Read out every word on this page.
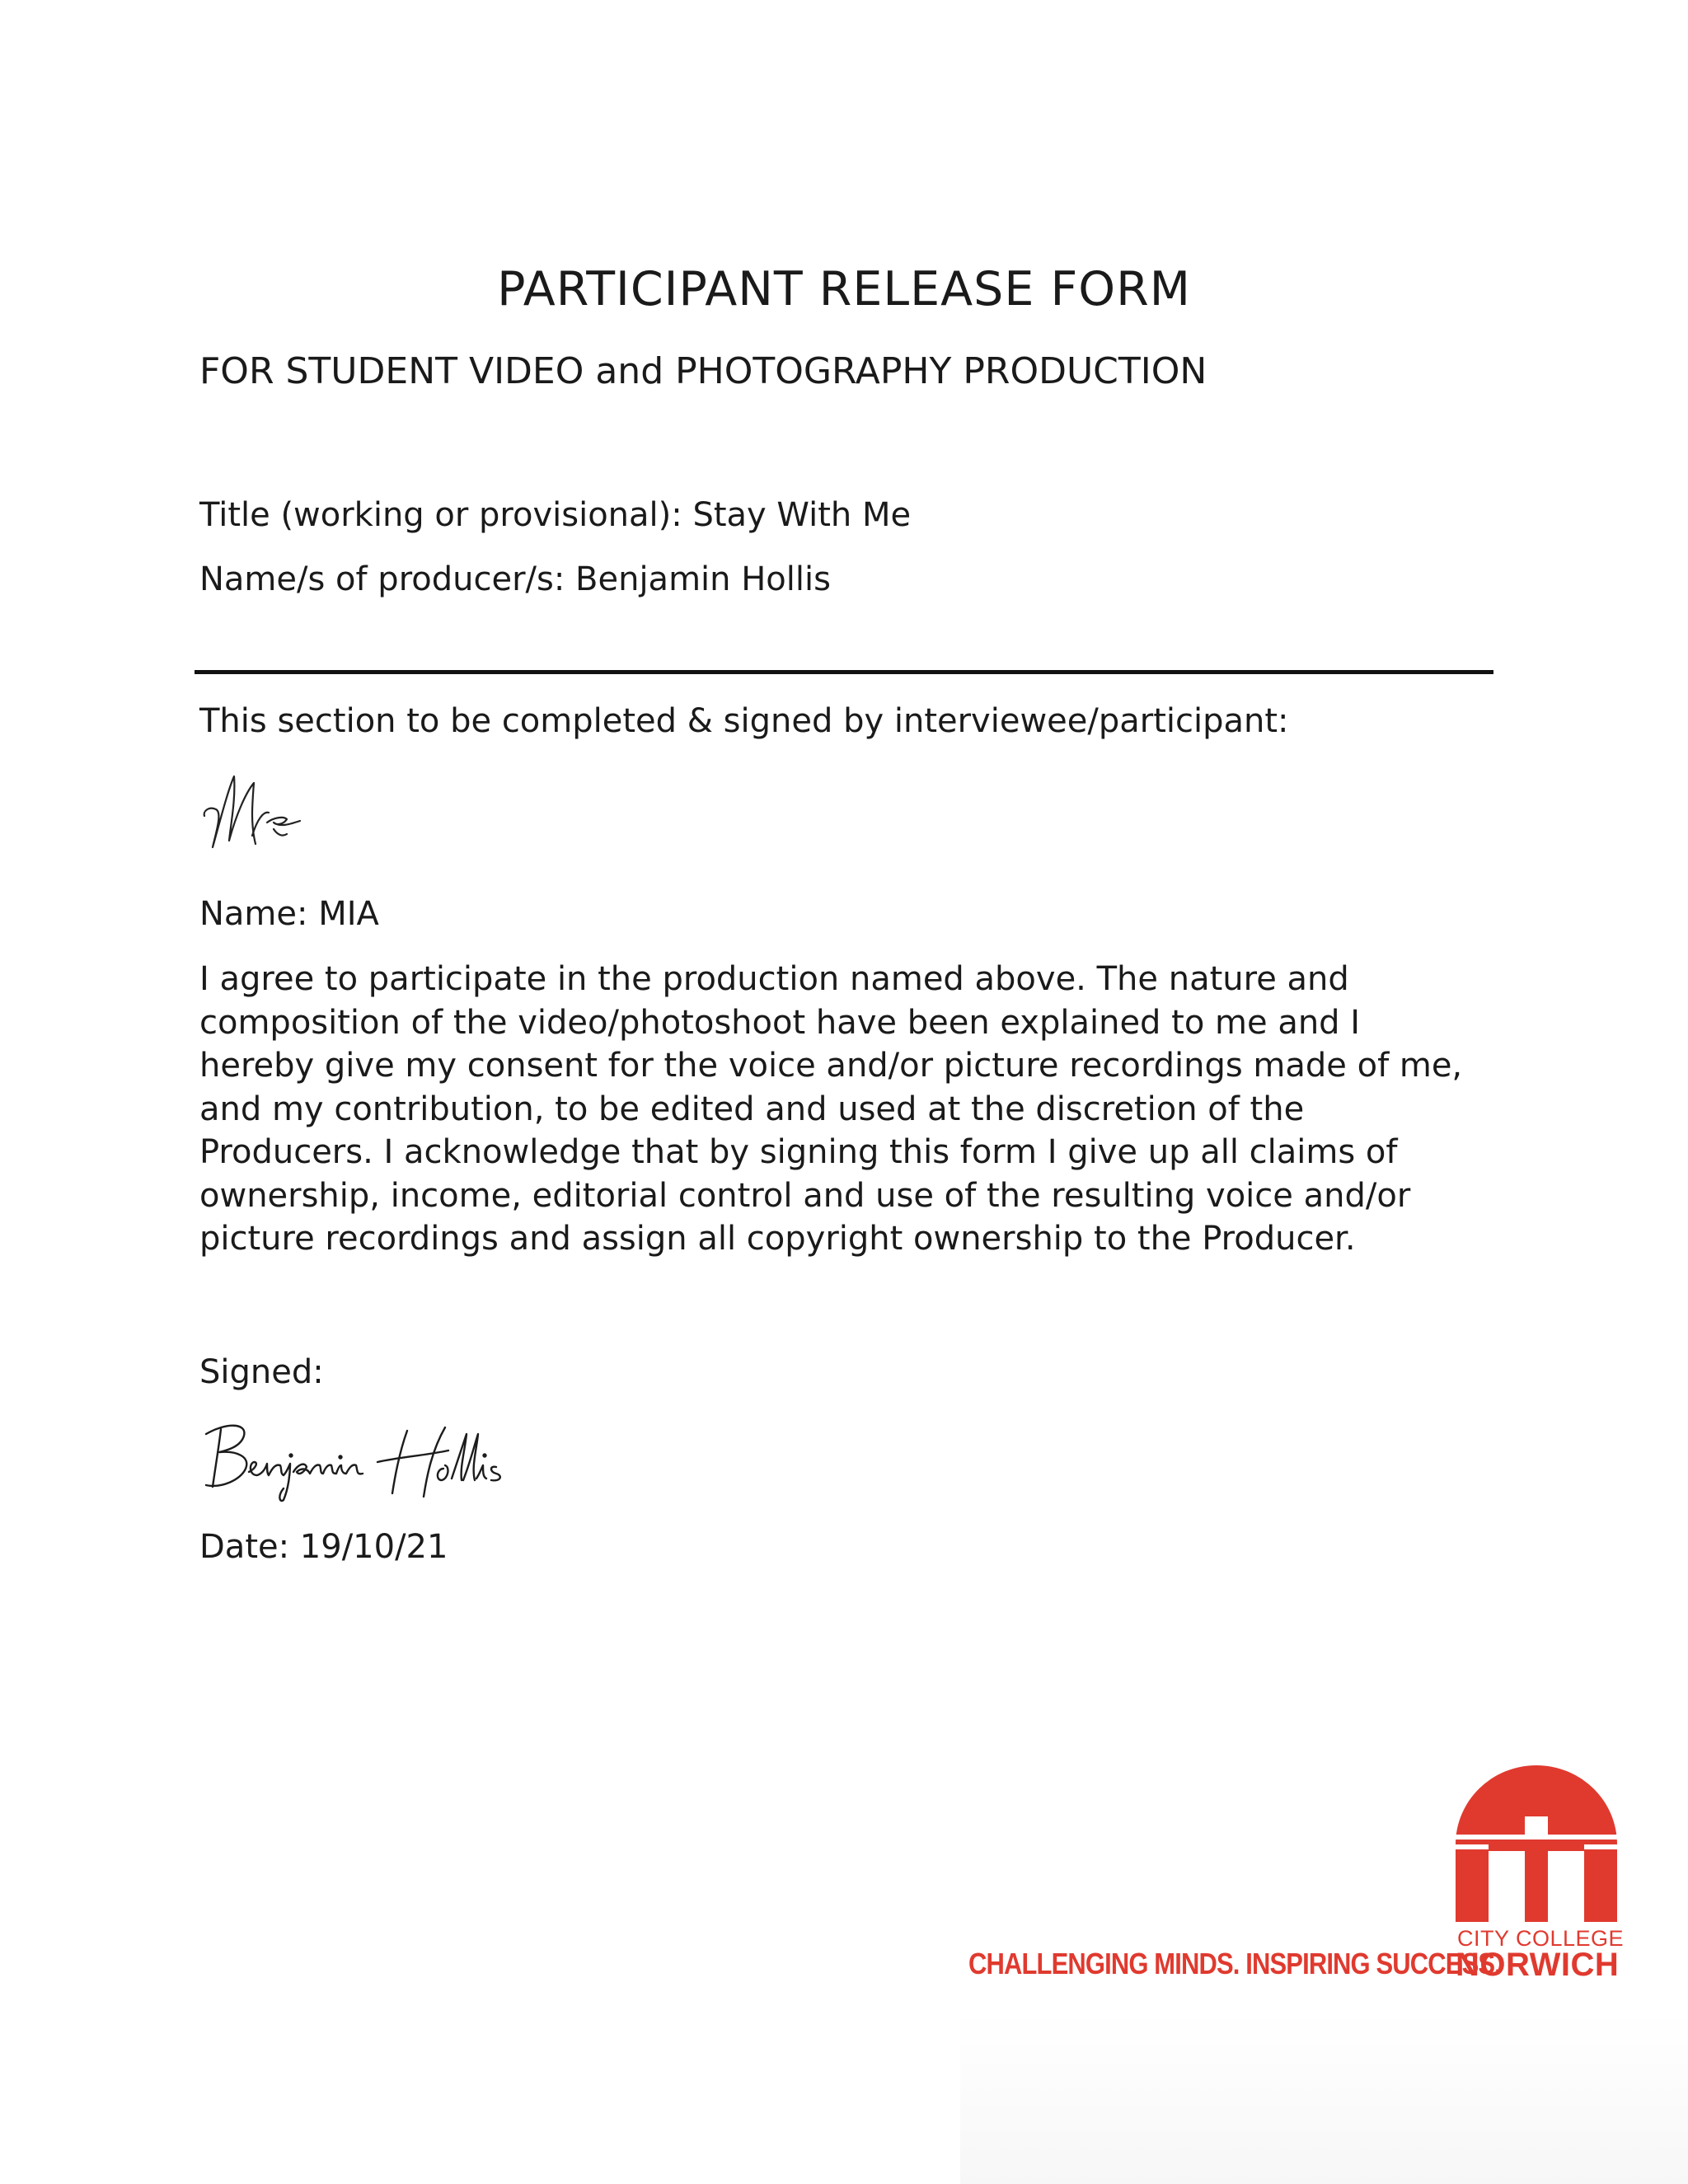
PARTICIPANT RELEASE FORM
FOR STUDENT VIDEO and PHOTOGRAPHY PRODUCTION
Title (working or provisional): Stay With Me
Name/s of producer/s: Benjamin Hollis
This section to be completed & signed by interviewee/participant:
Name: MIA
I agree to participate in the production named above. The nature and
composition of the video/photoshoot have been explained to me and I
hereby give my consent for the voice and/or picture recordings made of me,
and my contribution, to be edited and used at the discretion of the
Producers. I acknowledge that by signing this form I give up all claims of
ownership, income, editorial control and use of the resulting voice and/or
picture recordings and assign all copyright ownership to the Producer.
Signed:
Date: 19/10/21
CHALLENGING MINDS. INSPIRING SUCCESS.
CITY COLLEGE
NORWICH
